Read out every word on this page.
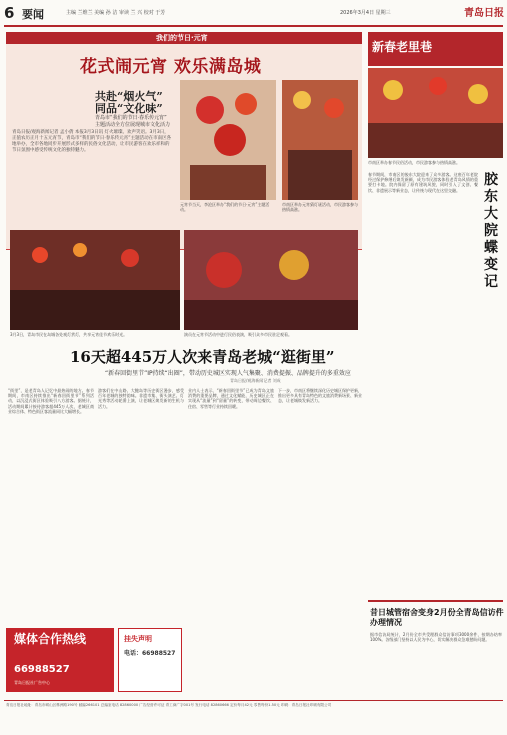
6 要闻	主编 兰维兰 美编 孙 洁 审读 兰 兴 校对 于芳	2026年3月4日 星期三	青岛日报
我们的节日·元宵
花式闹元宵 欢乐满岛城
共赴“烟火气”
同品“文化味”
青岛市“我们的节日·春乐传元宵”
主题活动全方位展现城市文化活力
青岛日报/观海新闻记者 孟小倩 本报3月3日讯 灯火璀璨、欢声笑语。3月3日，正值农历正月十五元宵节，青岛市“我们的节日·春乐传元宵”主题活动在市南区各地举办，全市各地同步开展形式多样的民俗文化活动，让市民游客在欢乐祥和的节日氛围中感受传统文化的独特魅力。
元宵节当天，李沧区举办“我们的节日·元宵”主题活动。
市南区举办元宵猜灯谜活动，市民游客参与热情高涨。
3月3日，青岛市民在岛城各处观灯赏灯，共享元宵佳节欢乐时光。	演员在元宵节活动中进行民俗表演，吸引众多市民驻足观看。
16天超445万人次来青岛老城“逛街里”
“新春回街里节”IP持续“出圈”，带动历史城区实现人气集聚、消费提振、品牌提升的多重效应
青岛日报/观海新闻记者 刘成
“街里”，是老青岛人记忆中最热闹的地方。春节期间，市南区持续推出“新春回街里节”系列活动，以沉浸式街区体验吸引八方游客。据统计，活动期间累计接待游客超445万人次，老城区商业综合体、特色街区客流量同比大幅增长。
游客们在中山路、大鲍岛等历史街区漫步，感受百年老城的独特韵味。非遗市集、街头演艺、灯光秀等活动轮番上演，让老城区焕发新的生机与活力。
业内人士表示，“新春回街里节”已成为青岛文旅消费的重要品牌，通过文化赋能，历史城区正在实现从“流量”到“留量”的转变，带动周边餐饮、住宿、零售等行业持续回暖。
下一步，市南区将继续深化历史城区保护更新，推出更多具有青岛特色的文旅消费新场景、新业态，让老城焕发新活力。
媒体合作热线
66988527
青岛日报社广告中心
挂失声明
电话：66988527
新春老里巷
市南区举办春节民俗活动，市民游客参与热情高涨。
胶东大院蝶变记
春节期间，市南区的胶东大院迎来了众多游客。这座百年老院经过保护修缮后焕发新颜，成为市民游客体验老青岛风情的重要打卡地。院内保留了原有建筑风貌，同时引入了文创、餐饮、非遗展示等新业态，让传统与现代在这里交融。
昔日城管宿舍变身2月份全青岛信访件办理情况
据市信访局统计，2月份全市共受理群众信访事项3000余件，按期办结率100%。各级部门坚持以人民为中心，切实解决群众急难愁盼问题。
青岛日报社地址：青岛市崂山区株洲路190号 邮编266101 总编室电话 82860000 广告经营许可证 青工商广字001号 发行电话 82860666 定价每月42元 零售每份1.50元 印刷：青岛日报社印刷有限公司
